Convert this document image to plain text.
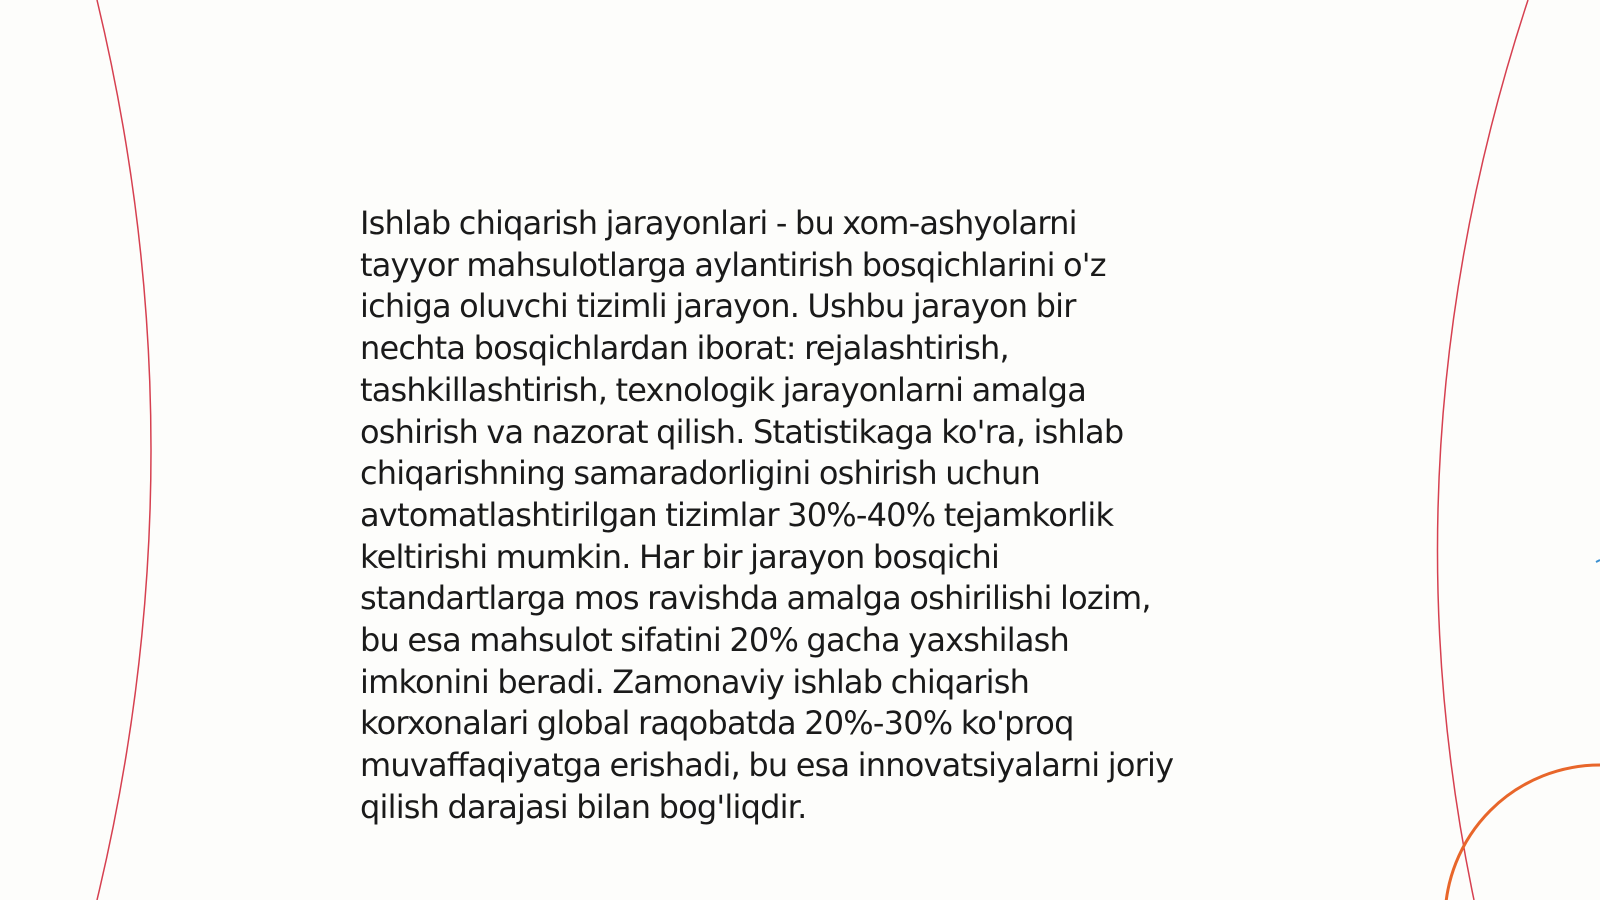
Ishlab chiqarish jarayonlari - bu xom-ashyolarni
tayyor mahsulotlarga aylantirish bosqichlarini o'z
ichiga oluvchi tizimli jarayon. Ushbu jarayon bir
nechta bosqichlardan iborat: rejalashtirish,
tashkillashtirish, texnologik jarayonlarni amalga
oshirish va nazorat qilish. Statistikaga ko'ra, ishlab
chiqarishning samaradorligini oshirish uchun
avtomatlashtirilgan tizimlar 30%-40% tejamkorlik
keltirishi mumkin. Har bir jarayon bosqichi
standartlarga mos ravishda amalga oshirilishi lozim,
bu esa mahsulot sifatini 20% gacha yaxshilash
imkonini beradi. Zamonaviy ishlab chiqarish
korxonalari global raqobatda 20%-30% ko'proq
muvaffaqiyatga erishadi, bu esa innovatsiyalarni joriy
qilish darajasi bilan bog'liqdir.
